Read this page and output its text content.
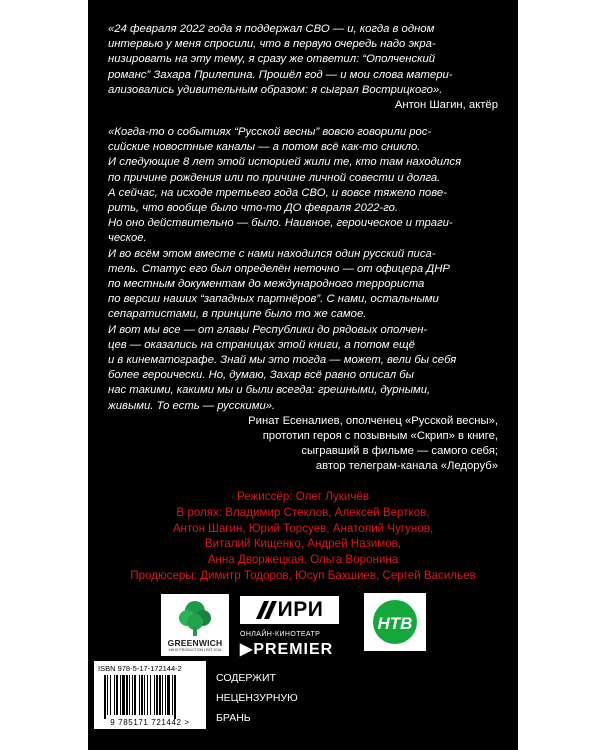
«24 февраля 2022 года я поддержал СВО — и, когда в одном

интервью у меня спросили, что в первую очередь надо экра-

низировать на эту тему, я сразу же ответил: “Ополченский

романс” Захара Прилепина. Прошёл год — и мои слова матери-

ализовались удивительным образом: я сыграл Вострицкого».

Антон Шагин, актёр

«Когда-то о событиях “Русской весны” вовсю говорили рос-

сийские новостные каналы — а потом всё как-то сникло.

И следующие 8 лет этой историей жили те, кто там находился

по причине рождения или по причине личной совести и долга.

А сейчас, на исходе третьего года СВО, и вовсе тяжело пове-

рить, что вообще было что-то ДО февраля 2022-го.

Но оно действительно — было. Наивное, героическое и траги-

ческое.

И во всём этом вместе с нами находился один русский писа-

тель. Статус его был определён неточно — от офицера ДНР

по местным документам до международного террориста

по версии наших “западных партнёров”. С нами, остальными

сепаратистами, в принципе было то же самое.

И вот мы все — от главы Республики до рядовых ополчен-

цев — оказались на страницах этой книги, а потом ещё

и в кинематографе. Знай мы это тогда — может, вели бы себя

более героически. Но, думаю, Захар всё равно описал бы

нас такими, какими мы и были всегда: грешными, дурными,

живыми. То есть — русскими».

Ринат Есеналиев, ополченец «Русской весны»,

прототип героя с позывным «Скрип» в книге,

сыгравший в фильме — самого себя;

автор телеграм-канала «Ледоруб»

Режиссёр: Олег Лукичёв
В ролях: Владимир Стеклов, Алексей Вертков,
Антон Шагин, Юрий Торсуев, Анатолий Чугунов,
Виталий Кищенко, Андрей Назимов,
Анна Дворжецкая, Ольга Воронина
Продюсеры: Димитр Тодоров, Юсуп Бахшиев, Сергей Васильев
GREENWICH
КИНО PRODUCTION | EST 2016
ИРИ
ОНЛАЙН-КИНОТЕАТР
▶PREMIER
НТВ
ISBN 978-5-17-172144-2
9 785171 721442 >
СОДЕРЖИТ
НЕЦЕНЗУРНУЮ
БРАНЬ
